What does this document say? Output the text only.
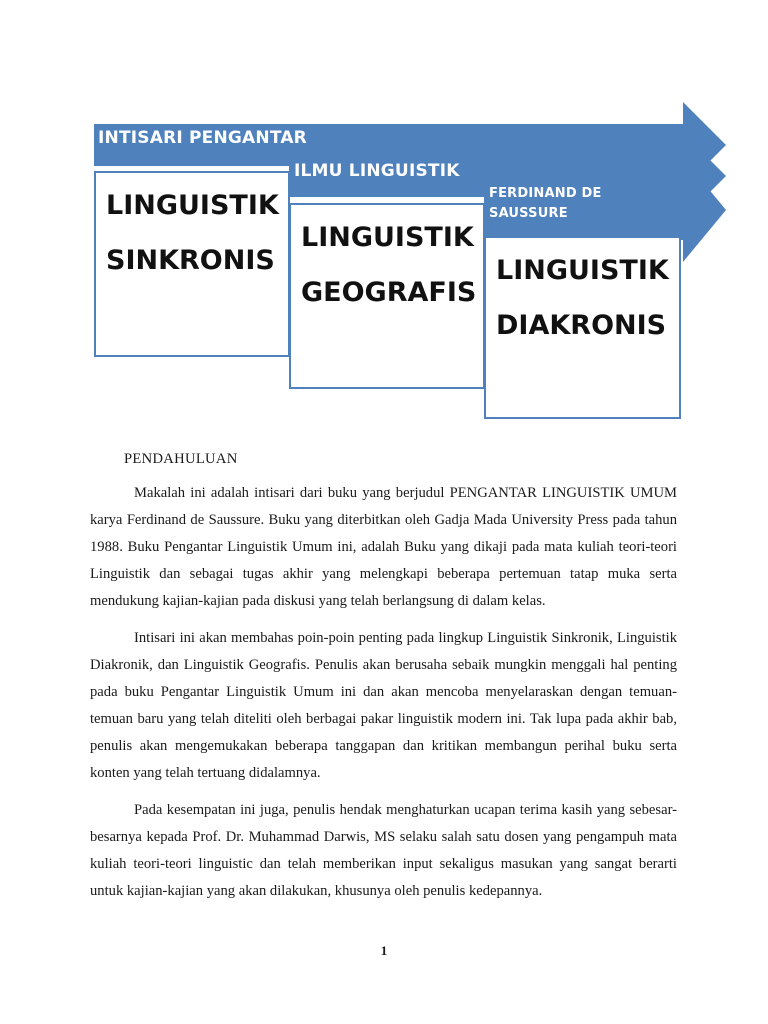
INTISARI PENGANTAR
ILMU LINGUISTIK
FERDINAND DE
SAUSSURE
LINGUISTIK
SINKRONIS
LINGUISTIK
GEOGRAFIS
LINGUISTIK
DIAKRONIS
PENDAHULUAN

Makalah ini adalah intisari dari buku yang berjudul PENGANTAR LINGUISTIK UMUM karya Ferdinand de Saussure. Buku yang diterbitkan oleh Gadja Mada University Press pada tahun 1988. Buku Pengantar Linguistik Umum ini, adalah Buku yang dikaji pada mata kuliah teori-teori Linguistik dan sebagai tugas akhir yang melengkapi beberapa pertemuan tatap muka serta mendukung kajian-kajian pada diskusi yang telah berlangsung di dalam kelas.

Intisari ini akan membahas poin-poin penting pada lingkup Linguistik Sinkronik, Linguistik Diakronik, dan Linguistik Geografis. Penulis akan berusaha sebaik mungkin menggali hal penting pada buku Pengantar Linguistik Umum ini dan akan mencoba menyelaraskan dengan temuan-temuan baru yang telah diteliti oleh berbagai pakar linguistik modern ini. Tak lupa pada akhir bab, penulis akan mengemukakan beberapa tanggapan dan kritikan membangun perihal buku serta konten yang telah tertuang didalamnya.

Pada kesempatan ini juga, penulis hendak menghaturkan ucapan terima kasih yang sebesar-besarnya kepada Prof. Dr. Muhammad Darwis, MS selaku salah satu dosen yang pengampuh mata kuliah teori-teori linguistic dan telah memberikan input sekaligus masukan yang sangat berarti untuk kajian-kajian yang akan dilakukan, khusunya oleh penulis kedepannya.

1
